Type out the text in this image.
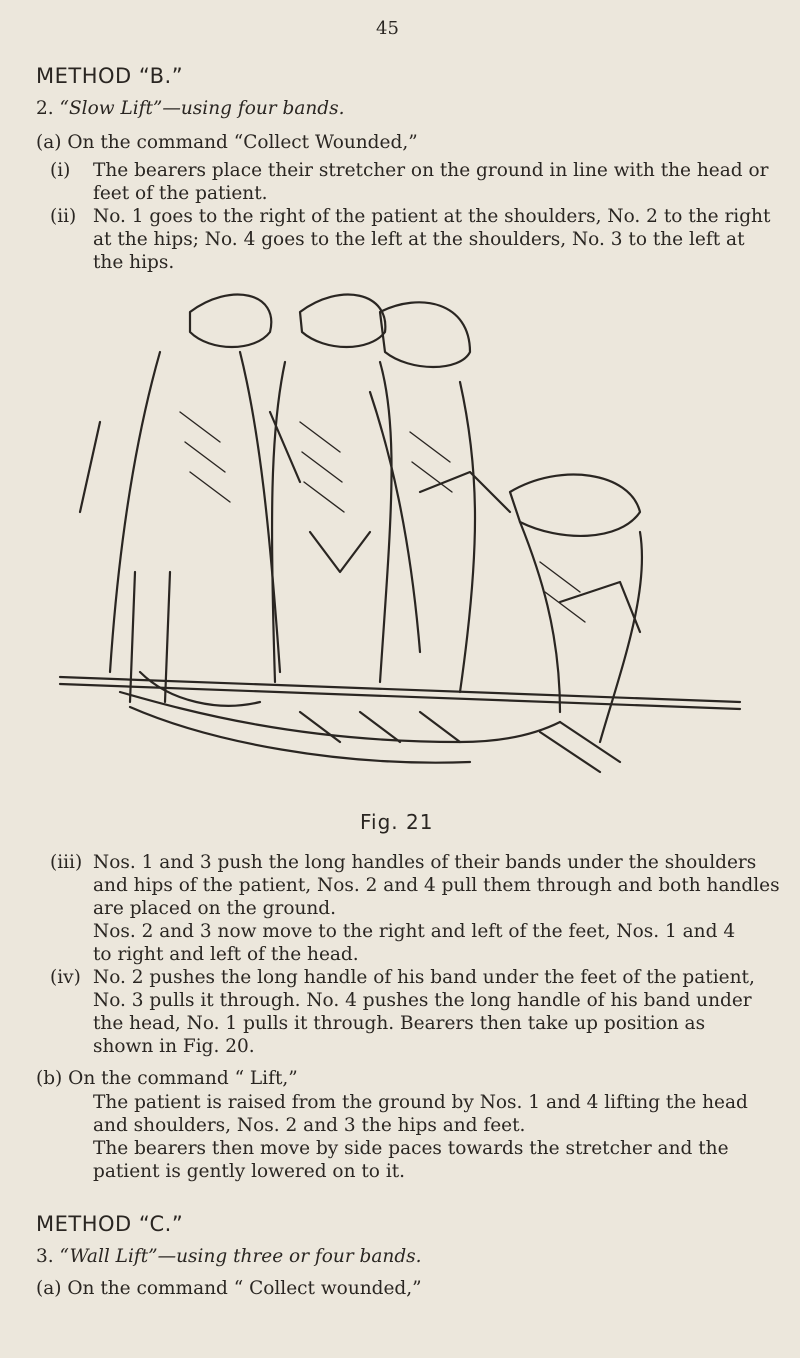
45
METHOD “B.”
2. “Slow Lift”—using four bands.
(a) On the command “Collect Wounded,”
(i) The bearers place their stretcher on the ground in line with the head or
feet of the patient.
(ii) No. 1 goes to the right of the patient at the shoulders, No. 2 to the right
at the hips; No. 4 goes to the left at the shoulders, No. 3 to the left at
the hips.
Fig. 21
(iii) Nos. 1 and 3 push the long handles of their bands under the shoulders
and hips of the patient, Nos. 2 and 4 pull them through and both handles
are placed on the ground.
Nos. 2 and 3 now move to the right and left of the feet, Nos. 1 and 4
to right and left of the head.
(iv) No. 2 pushes the long handle of his band under the feet of the patient,
No. 3 pulls it through. No. 4 pushes the long handle of his band under
the head, No. 1 pulls it through. Bearers then take up position as
shown in Fig. 20.
(b) On the command “ Lift,”
The patient is raised from the ground by Nos. 1 and 4 lifting the head
and shoulders, Nos. 2 and 3 the hips and feet.
The bearers then move by side paces towards the stretcher and the
patient is gently lowered on to it.
METHOD “C.”
3. “Wall Lift”—using three or four bands.
(a) On the command “ Collect wounded,”
